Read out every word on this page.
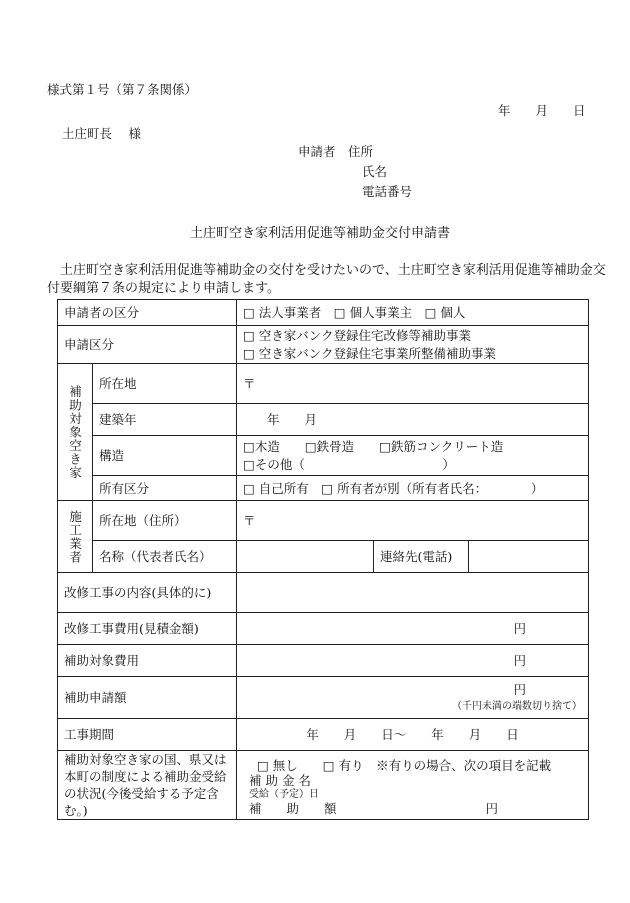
様式第１号（第７条関係）
年　　月　　日
土庄町長　 様
申請者　住所
氏名
電話番号
土庄町空き家利活用促進等補助金交付申請書
土庄町空き家利活用促進等補助金の交付を受けたいので、土庄町空き家利活用促進等補助金交付要綱第７条の規定により申請します。
申請者の区分		□ 法人事業者　□ 個人事業主　□ 個人		
申請区分		□ 空き家バンク登録住宅改修等補助事業
□ 空き家バンク登録住宅事業所整備補助事業		

補助対象空き家	所在地	〒		
	建築年	年　　月		
	構造	□木造　　□鉄骨造　　□鉄筋コンクリート造
□その他（　　　　　　　　　　　）		

	所有区分	□ 自己所有　□ 所有者が別（所有者氏名：　　　　）		
施工業者	所在地（住所）	〒		
	名称（代表者氏名）		連絡先(電話)	
改修工事の内容(具体的に)				
改修工事費用(見積金額)		円		
補助対象費用		円		
補助申請額		円
（千円未満の端数切り捨て）		

工事期間		年　　月　　日～　　年　　月　　日		
補助対象空き家の国、県又は本町の制度による補助金受給の状況(今後受給する予定含む。)		□ 無し　　□ 有り　※有りの場合、次の項目を記載
補 助 金 名
受給（予定）日
補　　助　　額 円		
